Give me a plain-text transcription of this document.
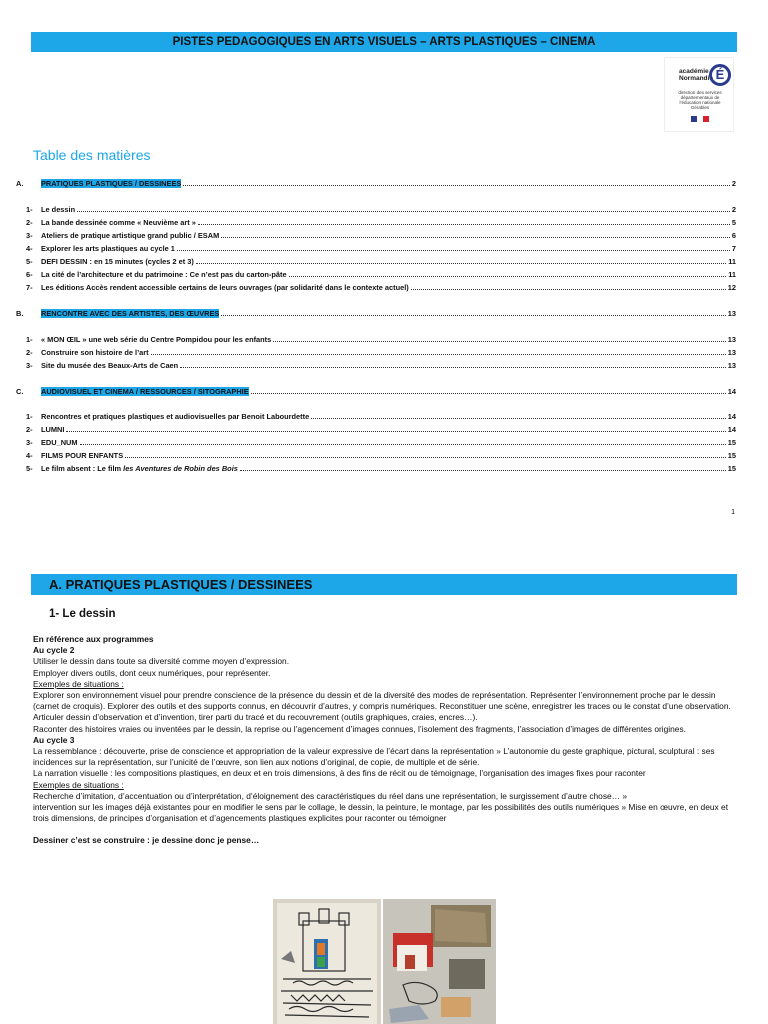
PISTES PEDAGOGIQUES EN ARTS VISUELS – ARTS PLASTIQUES – CINEMA
académie
Normandie É
direction des services départementaux de l’éducation nationale Gérables
Table des matières
A.	PRATIQUES PLASTIQUES / DESSINEES	2
1-	Le dessin	2
2-	La bande dessinée comme « Neuvième art »	5
3-	Ateliers de pratique artistique grand public / ESAM	6
4-	Explorer les arts plastiques au cycle 1	7
5-	DEFI DESSIN : en 15 minutes (cycles 2 et 3)	11
6-	La cité de l’architecture et du patrimoine : Ce n’est pas du carton-pâte	11
7-	Les éditions Accès rendent accessible certains de leurs ouvrages (par solidarité dans le contexte actuel)	12
B.	RENCONTRE AVEC DES ARTISTES, DES ŒUVRES	13
1-	« MON ŒIL » une web série du Centre Pompidou pour les enfants	13
2-	Construire son histoire de l’art	13
3-	Site du musée des Beaux-Arts de Caen	13
C.	AUDIOVISUEL ET CINEMA / RESSOURCES / SITOGRAPHIE	14
1-	Rencontres et pratiques plastiques et audiovisuelles par Benoit Labourdette	14
2-	LUMNI	14
3-	EDU_NUM	15
4-	FILMS POUR ENFANTS	15
5-	Le film absent : Le film les Aventures de Robin des Bois	15
1
A. PRATIQUES PLASTIQUES / DESSINEES
1- Le dessin

En référence aux programmes

Au cycle 2

Utiliser le dessin dans toute sa diversité comme moyen d’expression.

Employer divers outils, dont ceux numériques, pour représenter.

Exemples de situations :

Explorer son environnement visuel pour prendre conscience de la présence du dessin et de la diversité des modes de représentation. Représenter l’environnement proche par le dessin (carnet de croquis). Explorer des outils et des supports connus, en découvrir d’autres, y compris numériques. Reconstituer une scène, enregistrer les traces ou le constat d’une observation.

Articuler dessin d’observation et d’invention, tirer parti du tracé et du recouvrement (outils graphiques, craies, encres…).

Raconter des histoires vraies ou inventées par le dessin, la reprise ou l’agencement d’images connues, l’isolement des fragments, l’association d’images de différentes origines.

Au cycle 3

La ressemblance : découverte, prise de conscience et appropriation de la valeur expressive de l’écart dans la représentation » L’autonomie du geste graphique, pictural, sculptural : ses incidences sur la représentation, sur l’unicité de l’œuvre, son lien aux notions d’original, de copie, de multiple et de série.

La narration visuelle : les compositions plastiques, en deux et en trois dimensions, à des fins de récit ou de témoignage, l’organisation des images fixes pour raconter

Exemples de situations :

Recherche d’imitation, d’accentuation ou d’interprétation, d’éloignement des caractéristiques du réel dans une représentation, le surgissement d’autre chose… »

intervention sur les images déjà existantes pour en modifier le sens par le collage, le dessin, la peinture, le montage, par les possibilités des outils numériques » Mise en œuvre, en deux et trois dimensions, de principes d’organisation et d’agencements plastiques explicites pour raconter ou témoigner

Dessiner c’est se construire : je dessine donc je pense…
